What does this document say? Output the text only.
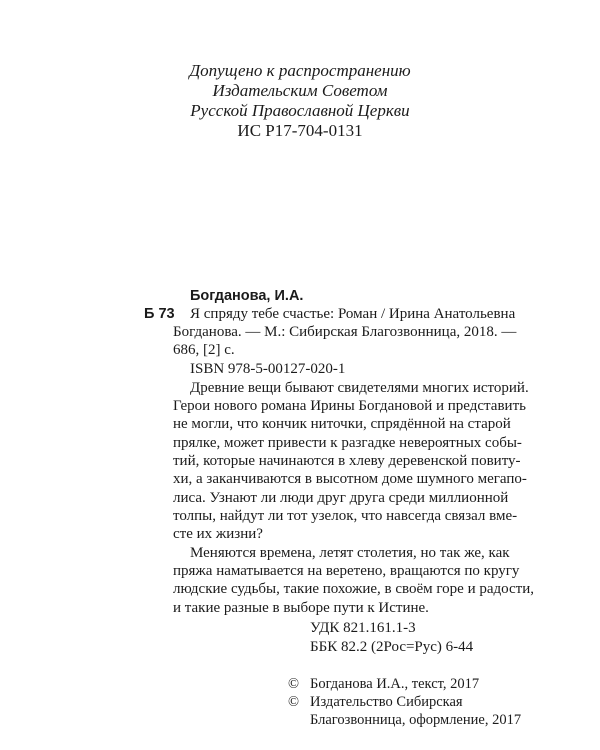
Допущено к распространению
Издательским Советом
Русской Православной Церкви
ИС Р17-704-0131
Богданова, И.А.
Б 73 Я спряду тебе счастье: Роман / Ирина Анатольевна
Богданова. — М.: Сибирская Благозвонница, 2018. —
686, [2] с.
ISBN 978-5-00127-020-1
Древние вещи бывают свидетелями многих историй.
Герои нового романа Ирины Богдановой и представить
не могли, что кончик ниточки, спрядённой на старой
прялке, может привести к разгадке невероятных собы-
тий, которые начинаются в хлеву деревенской повиту-
хи, а заканчиваются в высотном доме шумного мегапо-
лиса. Узнают ли люди друг друга среди миллионной
толпы, найдут ли тот узелок, что навсегда связал вме-
сте их жизни?
Меняются времена, летят столетия, но так же, как
пряжа наматывается на веретено, вращаются по кругу
людские судьбы, такие похожие, в своём горе и радости,
и такие разные в выборе пути к Истине.
УДК 821.161.1-3
ББК 82.2 (2Рос=Рус) 6-44
© Богданова И.А., текст, 2017
© Издательство Сибирская
Благозвонница, оформление, 2017
